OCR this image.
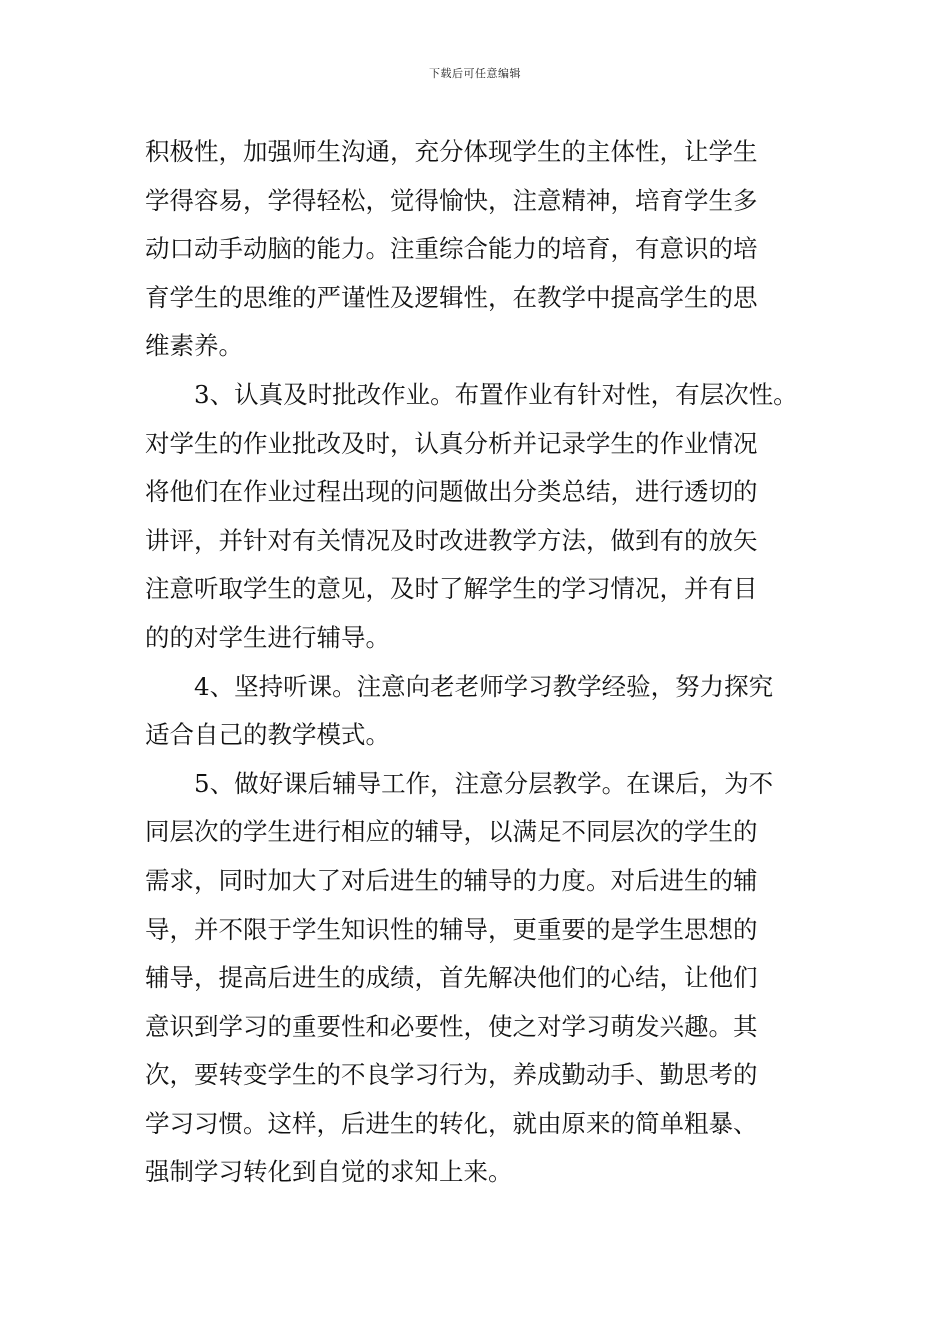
下载后可任意编辑
积极性，加强师生沟通，充分体现学生的主体性，让学生
学得容易，学得轻松，觉得愉快，注意精神，培育学生多
动口动手动脑的能力。注重综合能力的培育，有意识的培
育学生的思维的严谨性及逻辑性，在教学中提高学生的思
维素养。
3、认真及时批改作业。布置作业有针对性，有层次性。
对学生的作业批改及时，认真分析并记录学生的作业情况
将他们在作业过程出现的问题做出分类总结，进行透切的
讲评，并针对有关情况及时改进教学方法，做到有的放矢
注意听取学生的意见，及时了解学生的学习情况，并有目
的的对学生进行辅导。
4、坚持听课。注意向老老师学习教学经验，努力探究
适合自己的教学模式。
5、做好课后辅导工作，注意分层教学。在课后，为不
同层次的学生进行相应的辅导，以满足不同层次的学生的
需求，同时加大了对后进生的辅导的力度。对后进生的辅
导，并不限于学生知识性的辅导，更重要的是学生思想的
辅导，提高后进生的成绩，首先解决他们的心结，让他们
意识到学习的重要性和必要性，使之对学习萌发兴趣。其
次，要转变学生的不良学习行为，养成勤动手、勤思考的
学习习惯。这样，后进生的转化，就由原来的简单粗暴、
强制学习转化到自觉的求知上来。
